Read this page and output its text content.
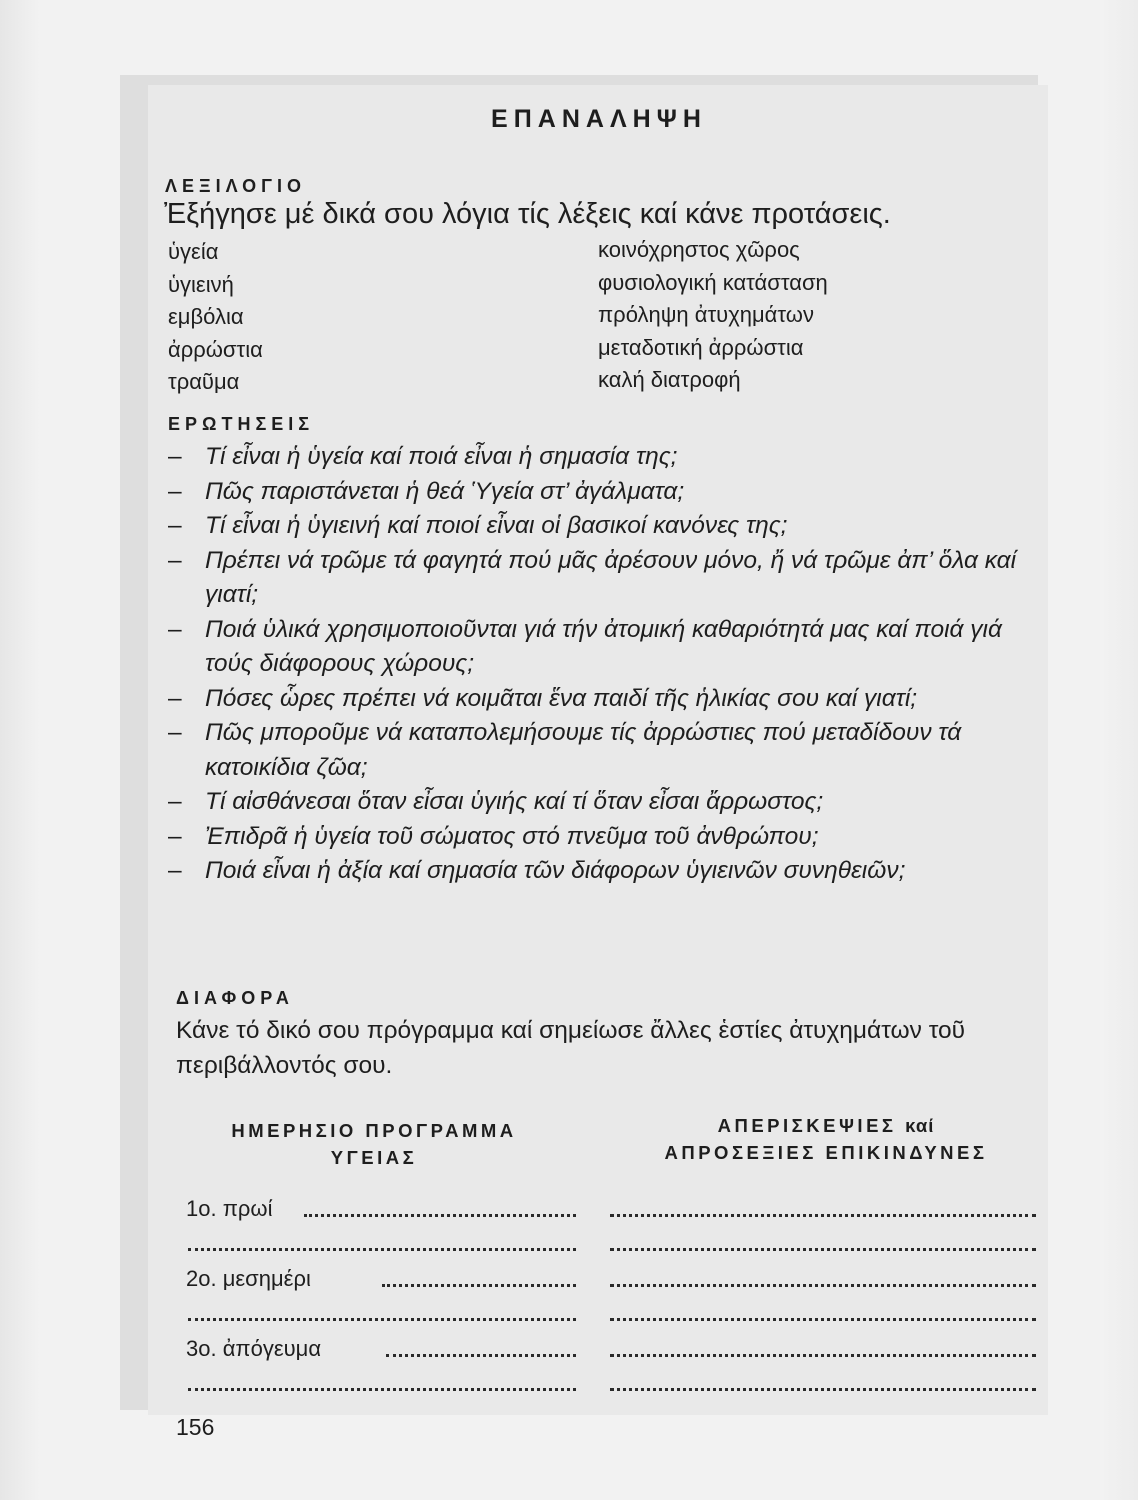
ΕΠΑΝΑΛΗΨΗ
ΛΕΞΙΛΟΓΙΟ
Ἐξήγησε μέ δικά σου λόγια τίς λέξεις καί κάνε προτάσεις.
ὑγεία
ὑγιεινή
εμβόλια
ἀρρώστια
τραῦμα
κοινόχρηστος χῶρος
φυσιολογική κατάσταση
πρόληψη ἀτυχημάτων
μεταδοτική ἀρρώστια
καλή διατροφή
ΕΡΩΤΗΣΕΙΣ
– Τί εἶναι ἡ ὑγεία καί ποιά εἶναι ἡ σημασία της;
– Πῶς παριστάνεται ἡ θεά Ὑγεία στ’ ἀγάλματα;
– Τί εἶναι ἡ ὑγιεινή καί ποιοί εἶναι οἱ βασικοί κανόνες της;
– Πρέπει νά τρῶμε τά φαγητά πού μᾶς ἀρέσουν μόνο, ἤ νά τρῶμε ἀπ’ ὅλα καί γιατί;
– Ποιά ὑλικά χρησιμοποιοῦνται γιά τήν ἀτομική καθαριότητά μας καί ποιά γιά τούς διάφορους χώρους;
– Πόσες ὧρες πρέπει νά κοιμᾶται ἕνα παιδί τῆς ἡλικίας σου καί γιατί;
– Πῶς μποροῦμε νά καταπολεμήσουμε τίς ἀρρώστιες πού μεταδίδουν τά κατοικίδια ζῶα;
– Τί αἰσθάνεσαι ὅταν εἶσαι ὑγιής καί τί ὅταν εἶσαι ἄρρωστος;
– Ἐπιδρᾶ ἡ ὑγεία τοῦ σώματος στό πνεῦμα τοῦ ἀνθρώπου;
– Ποιά εἶναι ἡ ἀξία καί σημασία τῶν διάφορων ὑγιεινῶν συνηθειῶν;
ΔΙΑΦΟΡΑ
Κάνε τό δικό σου πρόγραμμα καί σημείωσε ἄλλες ἑστίες ἀτυχημάτων τοῦ περιβάλλοντός σου.
ΗΜΕΡΗΣΙΟ ΠΡΟΓΡΑΜΜΑ
ΥΓΕΙΑΣ
ΑΠΕΡΙΣΚΕΨΙΕΣ καί
ΑΠΡΟΣΕΞΙΕΣ ΕΠΙΚΙΝΔΥΝΕΣ
1ο. πρωί
2ο. μεσημέρι
3ο. ἀπόγευμα
156
